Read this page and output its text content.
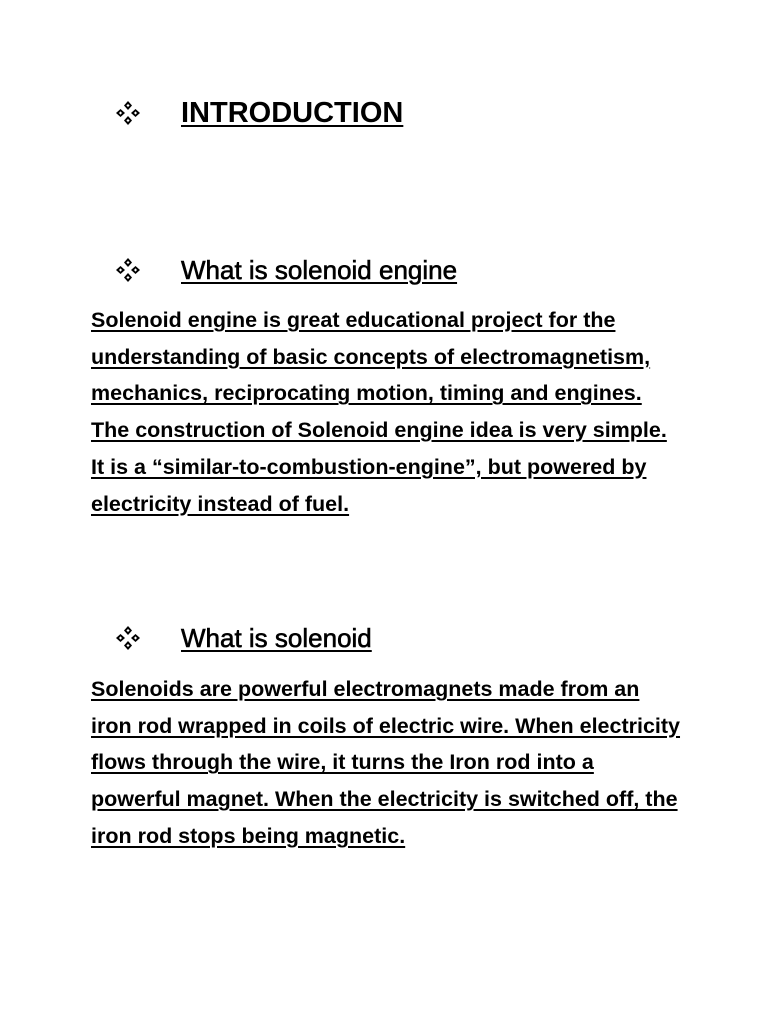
INTRODUCTION
What is solenoid engine

Solenoid engine is great educational project for the understanding of basic concepts of electromagnetism, mechanics, reciprocating motion, timing and engines. The construction of Solenoid engine idea is very simple. It is a “similar-to-combustion-engine”, but powered by electricity instead of fuel.

What is solenoid

Solenoids are powerful electromagnets made from an iron rod wrapped in coils of electric wire. When electricity flows through the wire, it turns the Iron rod into a powerful magnet. When the electricity is switched off, the iron rod stops being magnetic.
